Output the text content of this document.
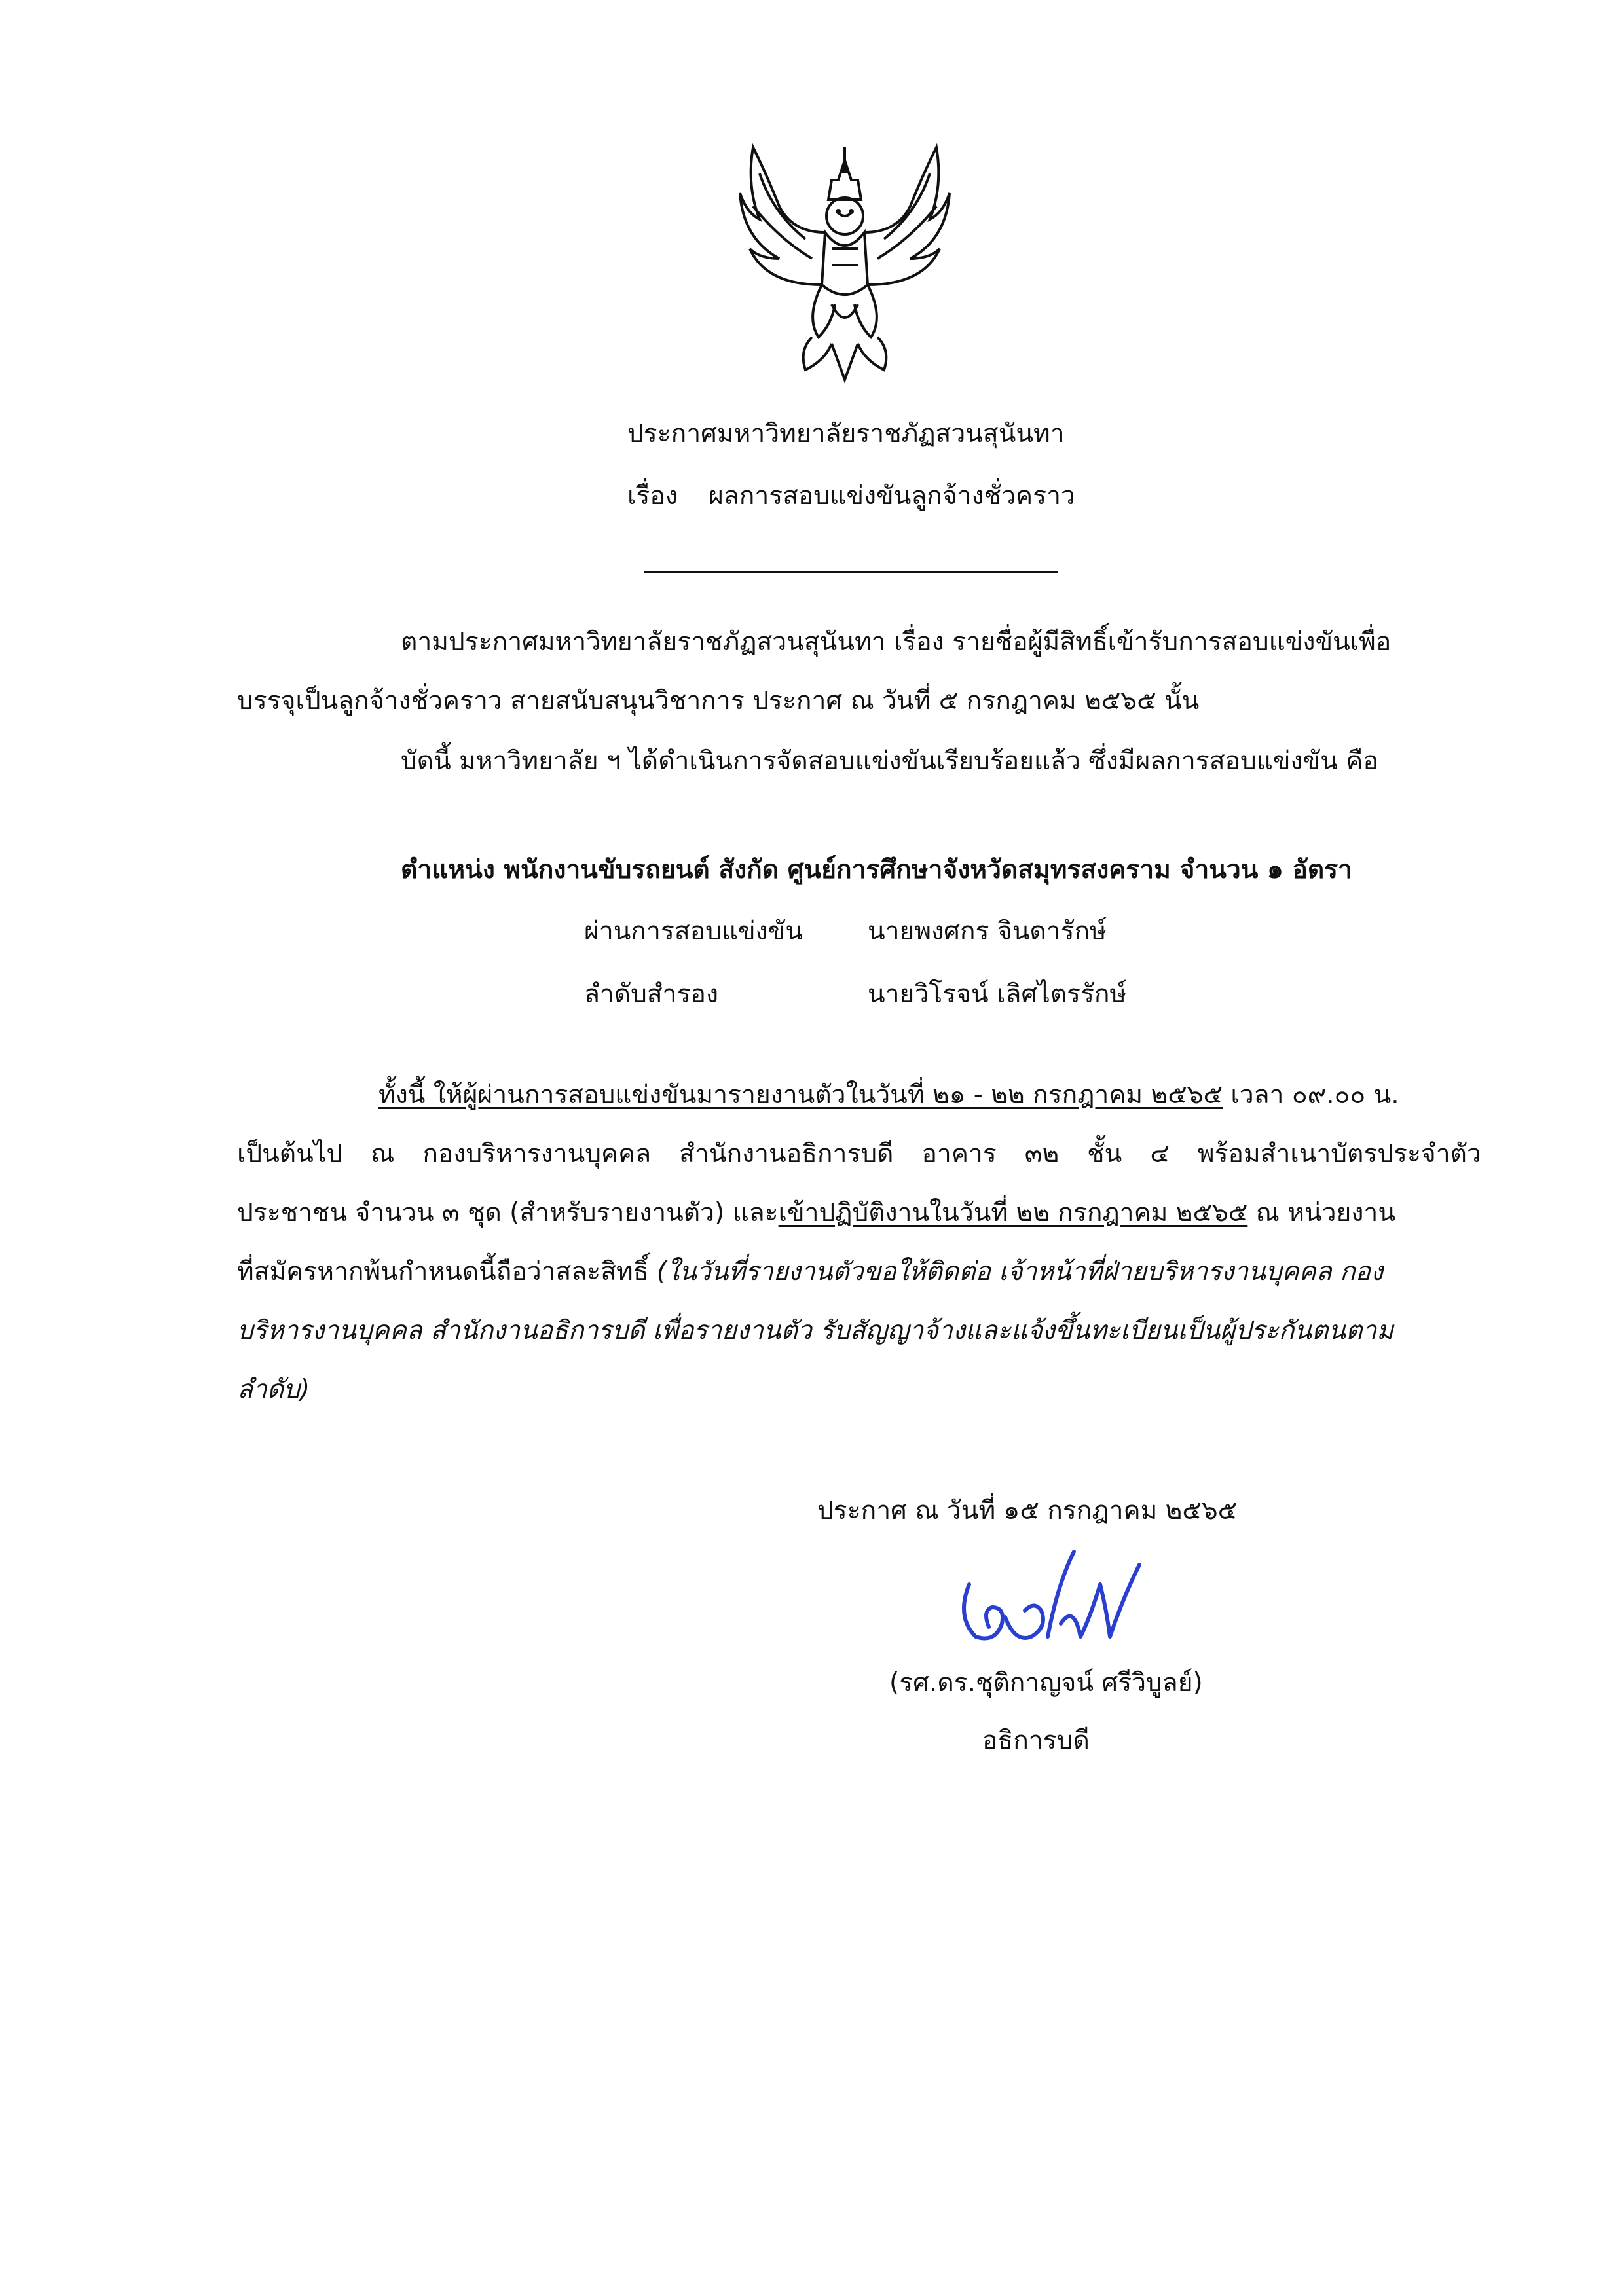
ประกาศมหาวิทยาลัยราชภัฏสวนสุนันทา
เรื่อง ผลการสอบแข่งขันลูกจ้างชั่วคราว
ตามประกาศมหาวิทยาลัยราชภัฏสวนสุนันทา เรื่อง รายชื่อผู้มีสิทธิ์เข้ารับการสอบแข่งขันเพื่อ
บรรจุเป็นลูกจ้างชั่วคราว สายสนับสนุนวิชาการ ประกาศ ณ วันที่ ๕ กรกฎาคม ๒๕๖๕ นั้น
บัดนี้ มหาวิทยาลัย ฯ ได้ดำเนินการจัดสอบแข่งขันเรียบร้อยแล้ว ซึ่งมีผลการสอบแข่งขัน คือ
ตำแหน่ง พนักงานขับรถยนต์ สังกัด ศูนย์การศึกษาจังหวัดสมุทรสงคราม จำนวน ๑ อัตรา
ผ่านการสอบแข่งขัน	นายพงศกร จินดารักษ์
ลำดับสำรอง	นายวิโรจน์ เลิศไตรรักษ์
ทั้งนี้ ให้ผู้ผ่านการสอบแข่งขันมารายงานตัวในวันที่ ๒๑ - ๒๒ กรกฎาคม ๒๕๖๕ เวลา ๐๙.๐๐ น.
เป็นต้นไป ณ กองบริหารงานบุคคล สำนักงานอธิการบดี อาคาร ๓๒ ชั้น ๔ พร้อมสำเนาบัตรประจำตัว
ประชาชน จำนวน ๓ ชุด (สำหรับรายงานตัว) และเข้าปฏิบัติงานในวันที่ ๒๒ กรกฎาคม ๒๕๖๕ ณ หน่วยงาน
ที่สมัครหากพ้นกำหนดนี้ถือว่าสละสิทธิ์ (ในวันที่รายงานตัวขอให้ติดต่อ เจ้าหน้าที่ฝ่ายบริหารงานบุคคล กอง
บริหารงานบุคคล สำนักงานอธิการบดี เพื่อรายงานตัว รับสัญญาจ้างและแจ้งขึ้นทะเบียนเป็นผู้ประกันตนตาม
ลำดับ)
ประกาศ ณ วันที่ ๑๕ กรกฎาคม ๒๕๖๕
(รศ.ดร.ชุติกาญจน์ ศรีวิบูลย์)
อธิการบดี
